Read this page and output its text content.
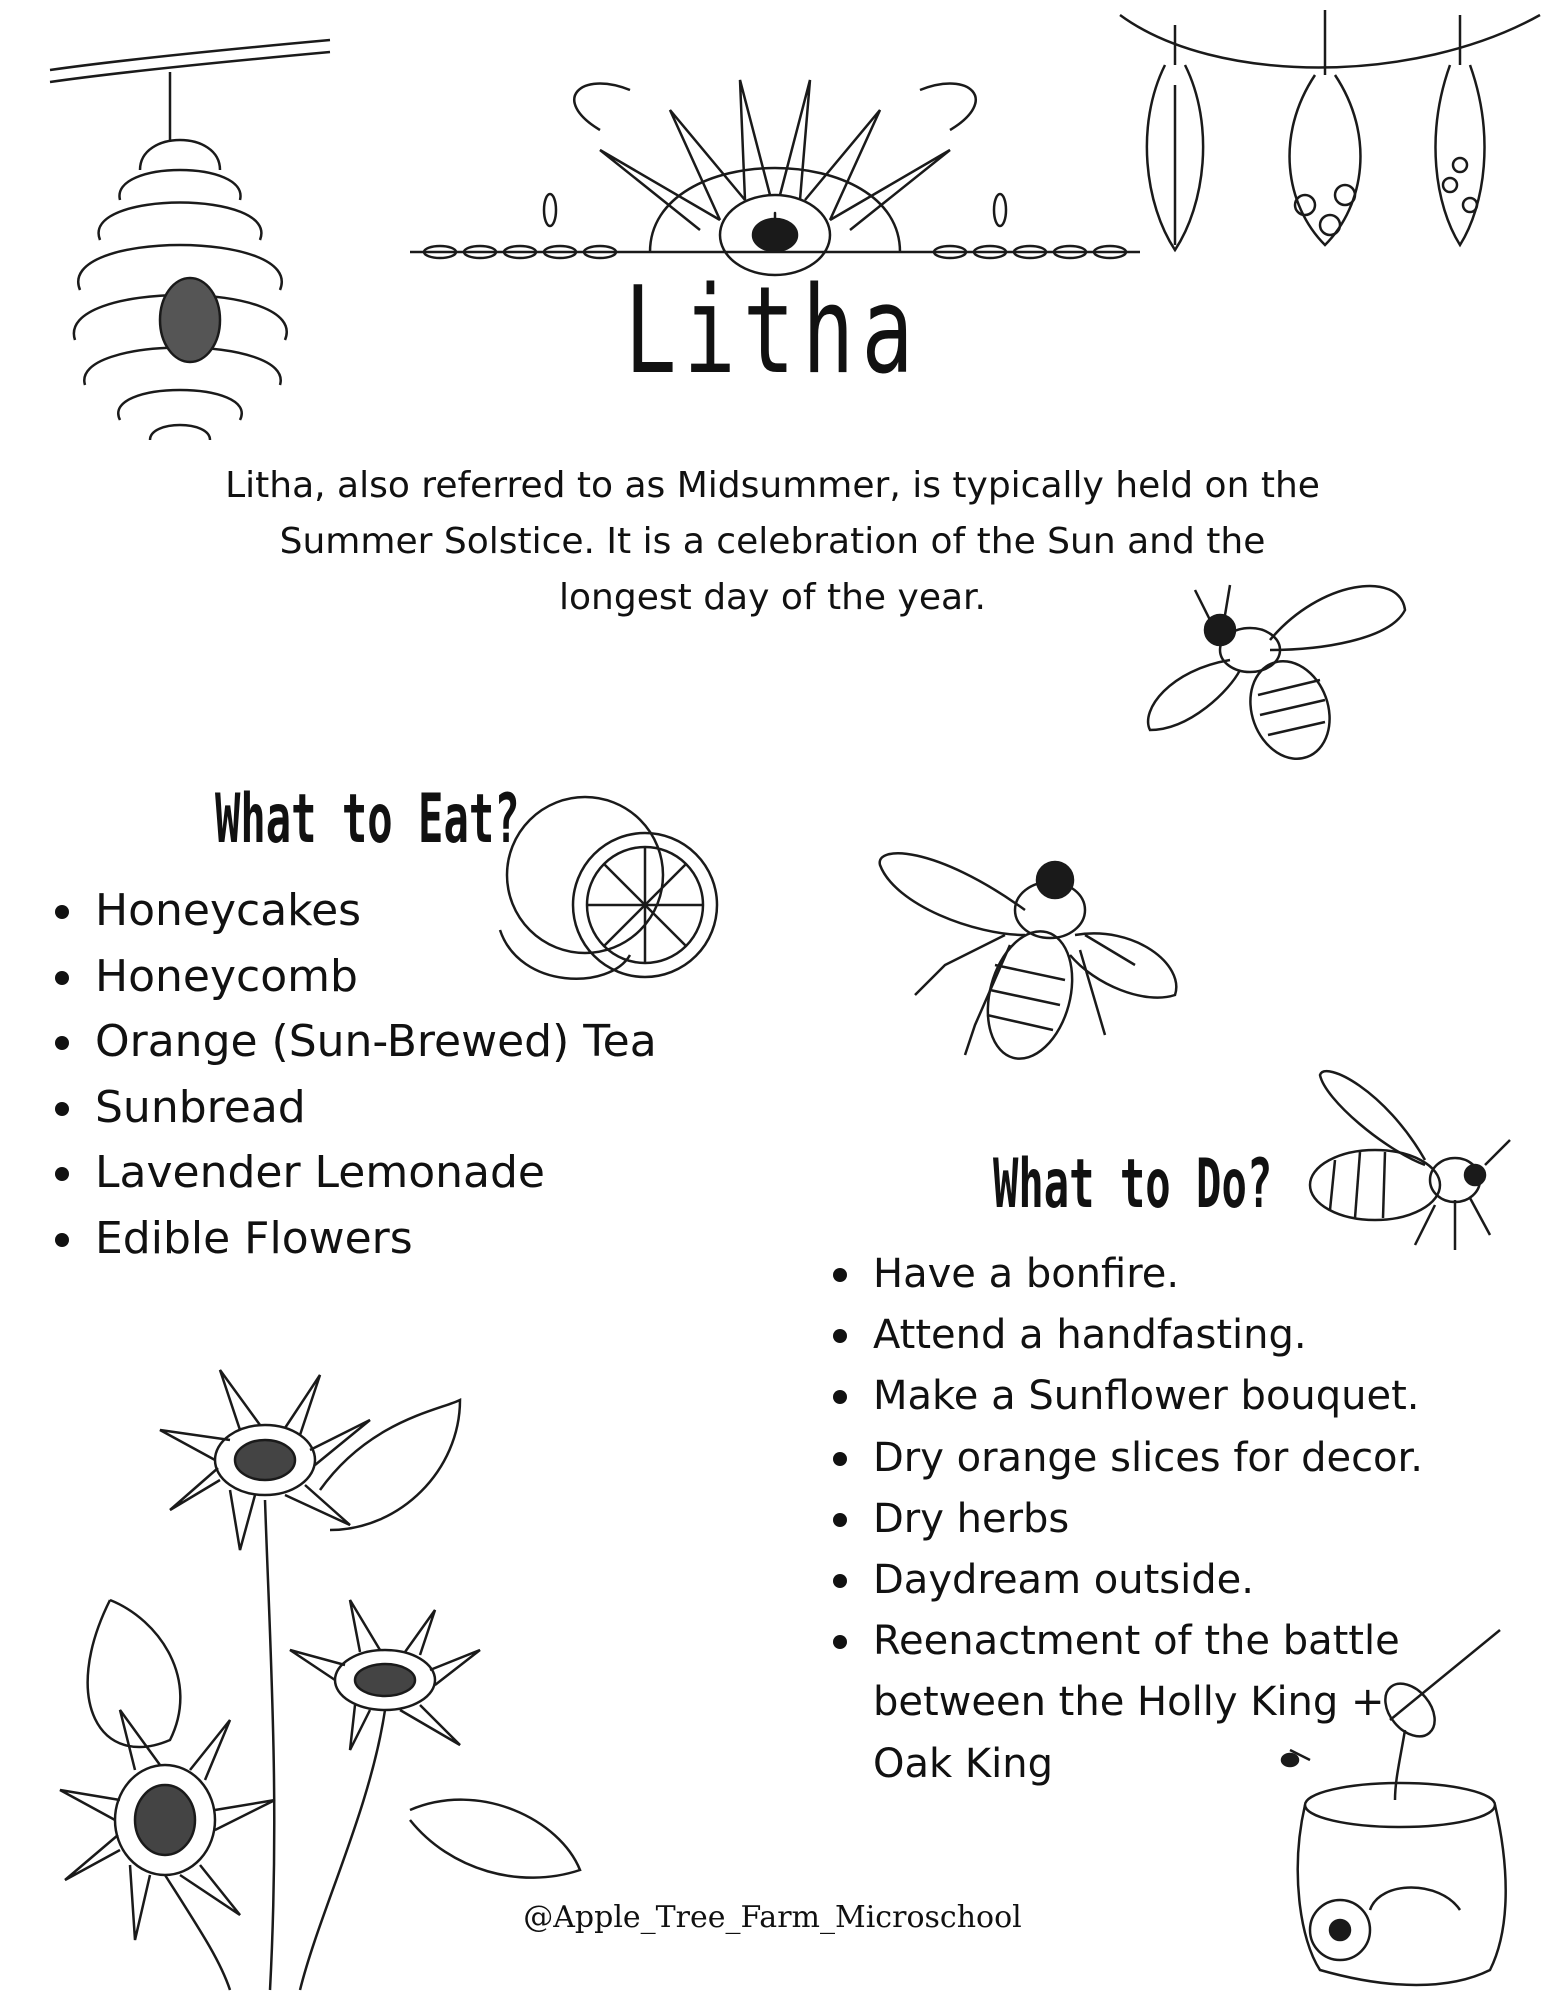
Litha

Litha, also referred to as Midsummer, is typically held on the Summer Solstice. It is a celebration of the Sun and the longest day of the year.

What to Eat?
Honeycakes
Honeycomb
Orange (Sun-Brewed) Tea
Sunbread
Lavender Lemonade
Edible Flowers
What to Do?
Have a bonfire.
Attend a handfasting.
Make a Sunflower bouquet.
Dry orange slices for decor.
Dry herbs
Daydream outside.
Reenactment of the battle between the Holly King + Oak King

@Apple_Tree_Farm_Microschool
